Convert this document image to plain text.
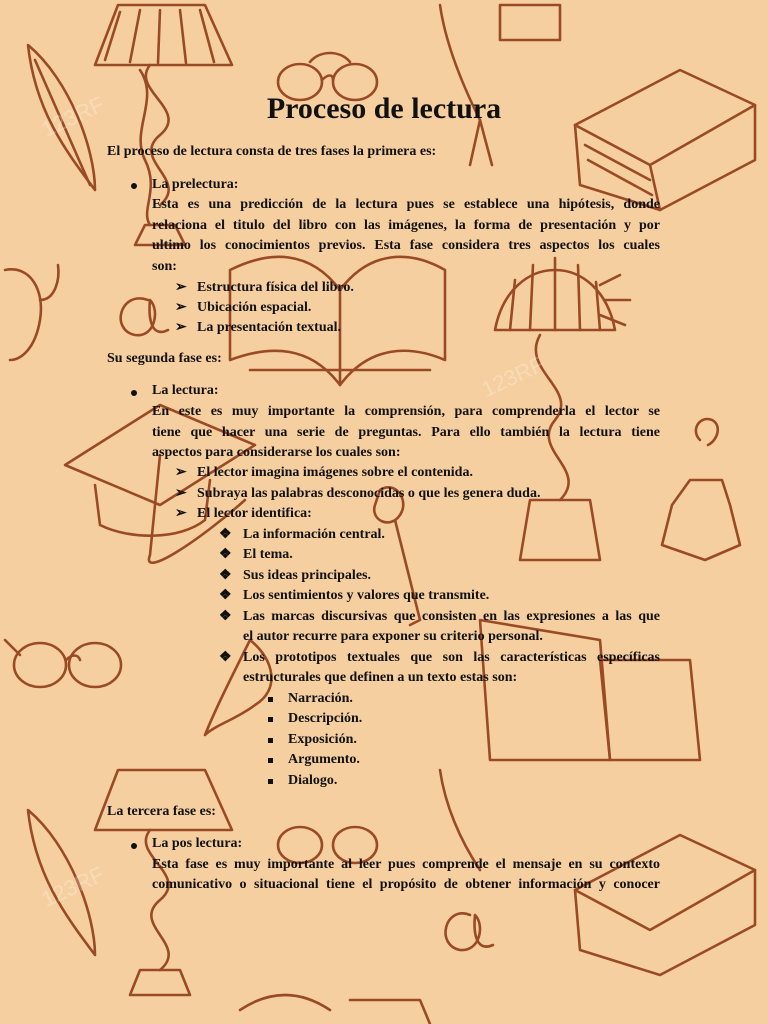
123RF
123RF
123RF
Proceso de lectura
El proceso de lectura consta de tres fases la primera es:
La prelectura:
Esta es una predicción de la lectura pues se establece una hipótesis, donde
relaciona el titulo del libro con las imágenes, la forma de presentación y por
ultimo los conocimientos previos. Esta fase considera tres aspectos los cuales
son:
➢ Estructura física del libro.
➢ Ubicación espacial.
➢ La presentación textual.
Su segunda fase es:
La lectura:
En este es muy importante la comprensión, para comprenderla el lector se
tiene que hacer una serie de preguntas. Para ello también la lectura tiene
aspectos para considerarse los cuales son:
➢ El lector imagina imágenes sobre el contenida.
➢ Subraya las palabras desconocidas o que les genera duda.
➢ El lector identifica:
❖ La información central.
❖ El tema.
❖ Sus ideas principales.
❖ Los sentimientos y valores que transmite.
❖ Las marcas discursivas que consisten en las expresiones a las que
el autor recurre para exponer su criterio personal.
❖ Los prototipos textuales que son las características específicas
estructurales que definen a un texto estas son:
Narración.
Descripción.
Exposición.
Argumento.
Dialogo.
La tercera fase es:
La pos lectura:
Esta fase es muy importante al leer pues comprende el mensaje en su contexto
comunicativo o situacional tiene el propósito de obtener información y conocer
